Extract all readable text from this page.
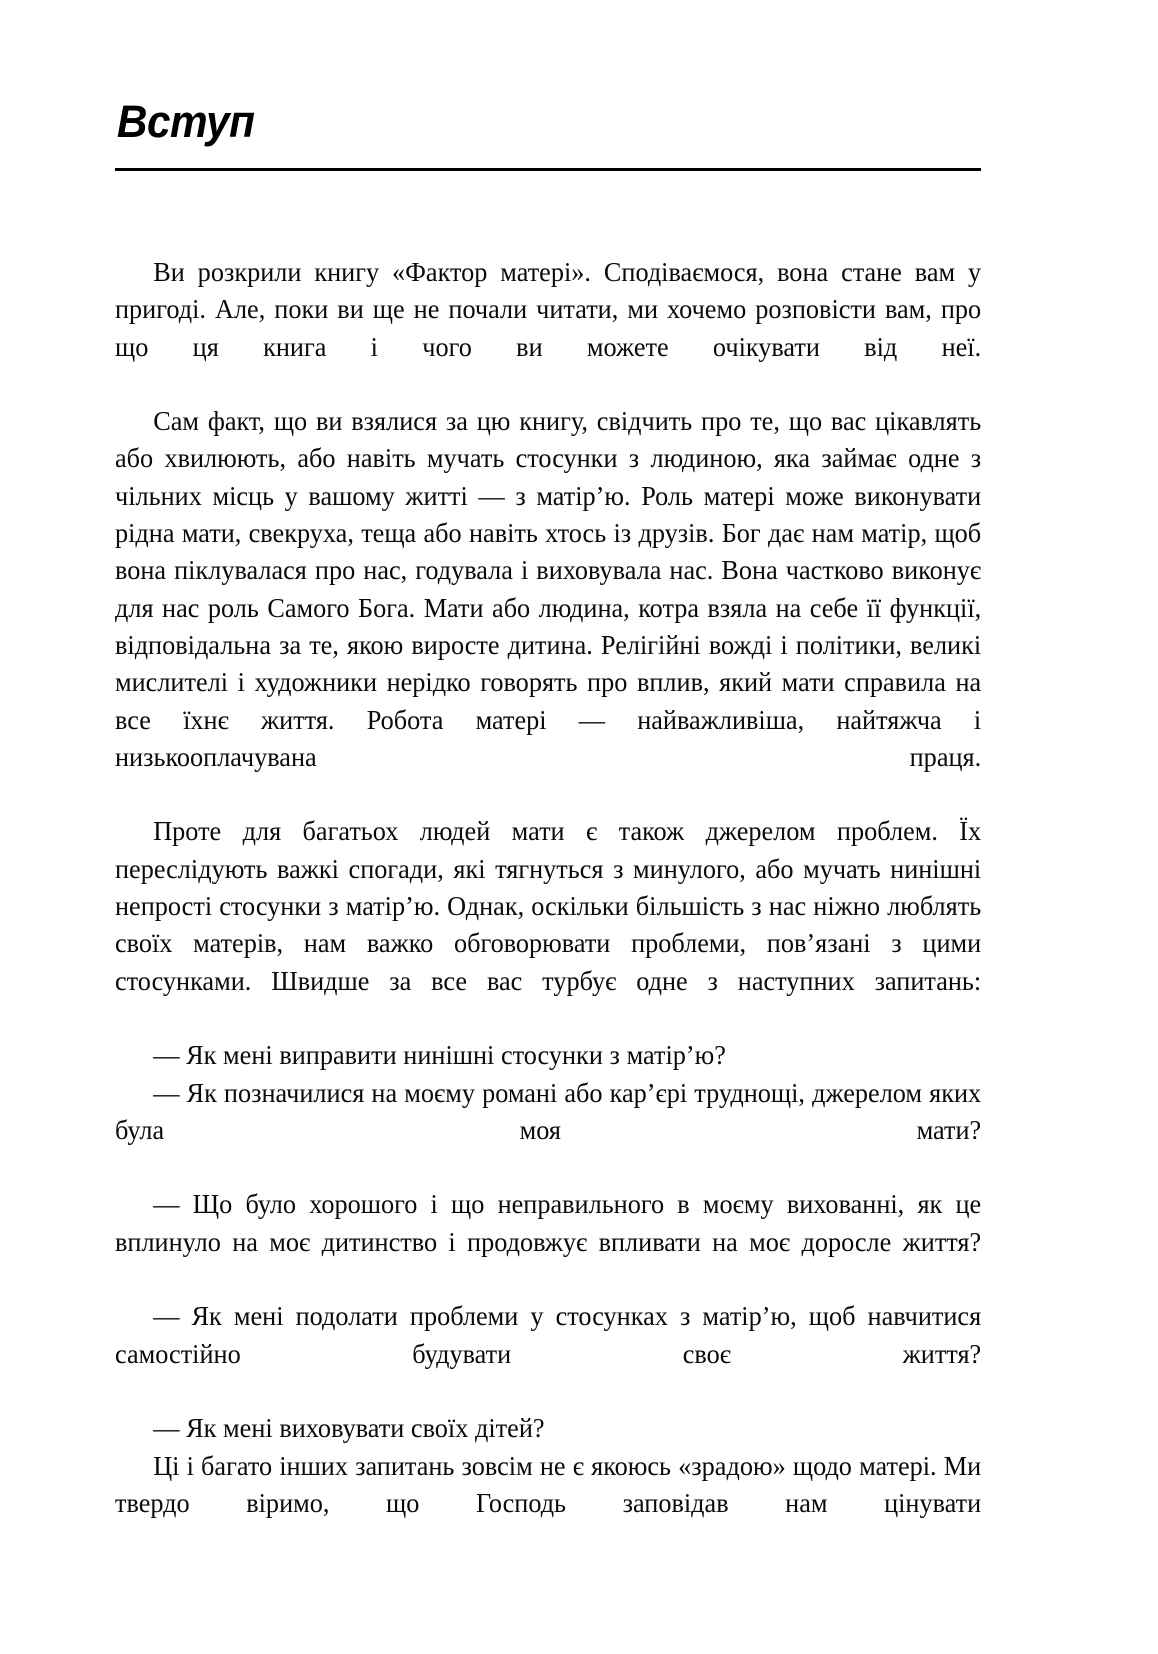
Вступ

Ви розкрили книгу «Фактор матері». Сподіваємося, вона стане вам у пригоді. Але, поки ви ще не почали читати, ми хочемо розповісти вам, про що ця книга і чого ви можете очікувати від неї.

Сам факт, що ви взялися за цю книгу, свідчить про те, що вас цікавлять або хвилюють, або навіть мучать стосунки з людиною, яка займає одне з чільних місць у вашому житті — з матір’ю. Роль матері може виконувати рідна мати, свекруха, теща або навіть хтось із друзів. Бог дає нам матір, щоб вона піклувалася про нас, годувала і виховувала нас. Вона частково виконує для нас роль Самого Бога. Мати або людина, котра взяла на себе її функції, відповідальна за те, якою виросте дитина. Релігійні вожді і політики, великі мислителі і художники нерідко говорять про вплив, який мати справила на все їхнє життя. Робота матері — найважливіша, найтяжча і низькооплачувана праця.

Проте для багатьох людей мати є також джерелом проблем. Їх переслідують важкі спогади, які тягнуться з минулого, або мучать нинішні непрості стосунки з матір’ю. Однак, оскільки більшість з нас ніжно люблять своїх матерів, нам важко обговорювати проблеми, пов’язані з цими стосунками. Швидше за все вас турбує одне з наступних запитань:

— Як мені виправити нинішні стосунки з матір’ю?

— Як позначилися на моєму романі або кар’єрі труднощі, джерелом яких була моя мати?

— Що було хорошого і що неправильного в моєму вихованні, як це вплинуло на моє дитинство і продовжує впливати на моє доросле життя?

— Як мені подолати проблеми у стосунках з матір’ю, щоб навчитися самостійно будувати своє життя?

— Як мені виховувати своїх дітей?

Ці і багато інших запитань зовсім не є якоюсь «зрадою» щодо матері. Ми твердо віримо, що Господь заповідав нам цінувати
